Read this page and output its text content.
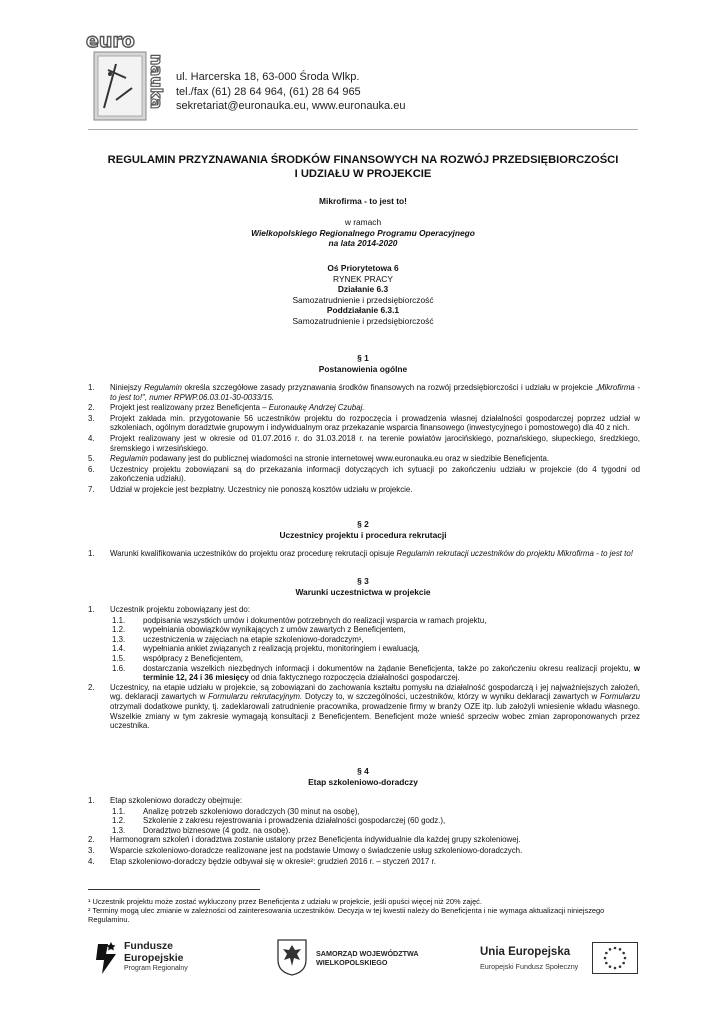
euro
nauka ul. Harcerska 18, 63-000 Środa Wlkp.
tel./fax (61) 28 64 964, (61) 28 64 965
sekretariat@euronauka.eu, www.euronauka.eu
REGULAMIN PRZYZNAWANIA ŚRODKÓW FINANSOWYCH NA ROZWÓJ PRZEDSIĘBIORCZOŚCI
I UDZIAŁU W PROJEKCIE
Mikrofirma - to jest to!
w ramach
Wielkopolskiego Regionalnego Programu Operacyjnego
na lata 2014-2020
Oś Priorytetowa 6
RYNEK PRACY
Działanie 6.3
Samozatrudnienie i przedsiębiorczość
Poddziałanie 6.3.1
Samozatrudnienie i przedsiębiorczość
§ 1
Postanowienia ogólne
1. Niniejszy Regulamin określa szczegółowe zasady przyznawania środków finansowych na rozwój przedsiębiorczości i udziału w projekcie „Mikrofirma - to jest to!", numer RPWP.06.03.01-30-0033/15.
2. Projekt jest realizowany przez Beneficjenta – Euronaukę Andrzej Czubaj.
3. Projekt zakłada min. przygotowanie 56 uczestników projektu do rozpoczęcia i prowadzenia własnej działalności gospodarczej poprzez udział w szkoleniach, ogólnym doradztwie grupowym i indywidualnym oraz przekazanie wsparcia finansowego (inwestycyjnego i pomostowego) dla 40 z nich.
4. Projekt realizowany jest w okresie od 01.07.2016 r. do 31.03.2018 r. na terenie powiatów jarocińskiego, poznańskiego, słupeckiego, średzkiego, śremskiego i wrzesińskiego.
5. Regulamin podawany jest do publicznej wiadomości na stronie internetowej www.euronauka.eu oraz w siedzibie Beneficjenta.
6. Uczestnicy projektu zobowiązani są do przekazania informacji dotyczących ich sytuacji po zakończeniu udziału w projekcie (do 4 tygodni od zakończenia udziału).
7. Udział w projekcie jest bezpłatny. Uczestnicy nie ponoszą kosztów udziału w projekcie.
§ 2
Uczestnicy projektu i procedura rekrutacji
1. Warunki kwalifikowania uczestników do projektu oraz procedurę rekrutacji opisuje Regulamin rekrutacji uczestników do projektu Mikrofirma - to jest to!
§ 3
Warunki uczestnictwa w projekcie
1. Uczestnik projektu zobowiązany jest do:
1.1. podpisania wszystkich umów i dokumentów potrzebnych do realizacji wsparcia w ramach projektu,
1.2. wypełniania obowiązków wynikających z umów zawartych z Beneficjentem,
1.3. uczestniczenia w zajęciach na etapie szkoleniowo-doradczym¹,
1.4. wypełniania ankiet związanych z realizacją projektu, monitoringiem i ewaluacją,
1.5. współpracy z Beneficjentem,
1.6. dostarczania wszelkich niezbędnych informacji i dokumentów na żądanie Beneficjenta, także po zakończeniu okresu realizacji projektu, w terminie 12, 24 i 36 miesięcy od dnia faktycznego rozpoczęcia działalności gospodarczej.
2. Uczestnicy, na etapie udziału w projekcie, są zobowiązani do zachowania kształtu pomysłu na działalność gospodarczą i jej najważniejszych założeń, wg. deklaracji zawartych w Formularzu rekrutacyjnym. Dotyczy to, w szczególności, uczestników, którzy w wyniku deklaracji zawartych w Formularzu otrzymali dodatkowe punkty, tj. zadeklarowali zatrudnienie pracownika, prowadzenie firmy w branży OZE itp. lub założyli wniesienie wkładu własnego. Wszelkie zmiany w tym zakresie wymagają konsultacji z Beneficjentem. Beneficjent może wnieść sprzeciw wobec zmian zaproponowanych przez uczestnika.
§ 4
Etap szkoleniowo-doradczy
1. Etap szkoleniowo doradczy obejmuje:
1.1. Analizę potrzeb szkoleniowo doradczych (30 minut na osobę),
1.2. Szkolenie z zakresu rejestrowania i prowadzenia działalności gospodarczej (60 godz.),
1.3. Doradztwo biznesowe (4 godz. na osobę).
2. Harmonogram szkoleń i doradztwa zostanie ustalony przez Beneficjenta indywidualnie dla każdej grupy szkoleniowej.
3. Wsparcie szkoleniowo-doradcze realizowane jest na podstawie Umowy o świadczenie usług szkoleniowo-doradczych.
4. Etap szkoleniowo-doradczy będzie odbywał się w okresie²: grudzień 2016 r. – styczeń 2017 r.
¹ Uczestnik projektu może zostać wykluczony przez Beneficjenta z udziału w projekcie, jeśli opuści więcej niż 20% zajęć.
² Terminy mogą ulec zmianie w zależności od zainteresowania uczestników. Decyzja w tej kwestii należy do Beneficjenta i nie wymaga aktualizacji niniejszego Regulaminu.
Fundusze
Europejskie
Program Regionalny
SAMORZĄD WOJEWÓDZTWA
WIELKOPOLSKIEGO
Unia Europejska
Europejski Fundusz Społeczny
